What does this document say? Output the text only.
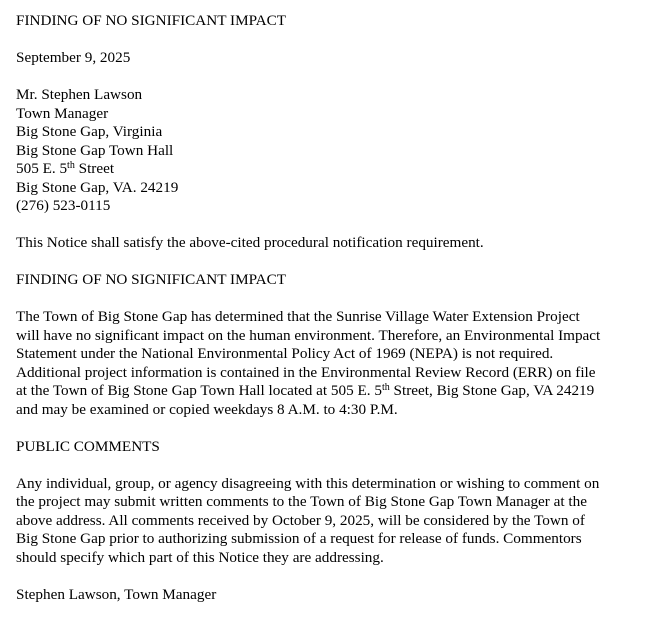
FINDING OF NO SIGNIFICANT IMPACT
September 9, 2025
Mr. Stephen Lawson
Town Manager
Big Stone Gap, Virginia
Big Stone Gap Town Hall
505 E. 5th Street
Big Stone Gap, VA. 24219
(276) 523-0115
This Notice shall satisfy the above-cited procedural notification requirement.
FINDING OF NO SIGNIFICANT IMPACT
The Town of Big Stone Gap has determined that the Sunrise Village Water Extension Project
will have no significant impact on the human environment. Therefore, an Environmental Impact
Statement under the National Environmental Policy Act of 1969 (NEPA) is not required.
Additional project information is contained in the Environmental Review Record (ERR) on file
at the Town of Big Stone Gap Town Hall located at 505 E. 5th Street, Big Stone Gap, VA 24219
and may be examined or copied weekdays 8 A.M. to 4:30 P.M.
PUBLIC COMMENTS
Any individual, group, or agency disagreeing with this determination or wishing to comment on
the project may submit written comments to the Town of Big Stone Gap Town Manager at the
above address. All comments received by October 9, 2025, will be considered by the Town of
Big Stone Gap prior to authorizing submission of a request for release of funds. Commentors
should specify which part of this Notice they are addressing.
Stephen Lawson, Town Manager
